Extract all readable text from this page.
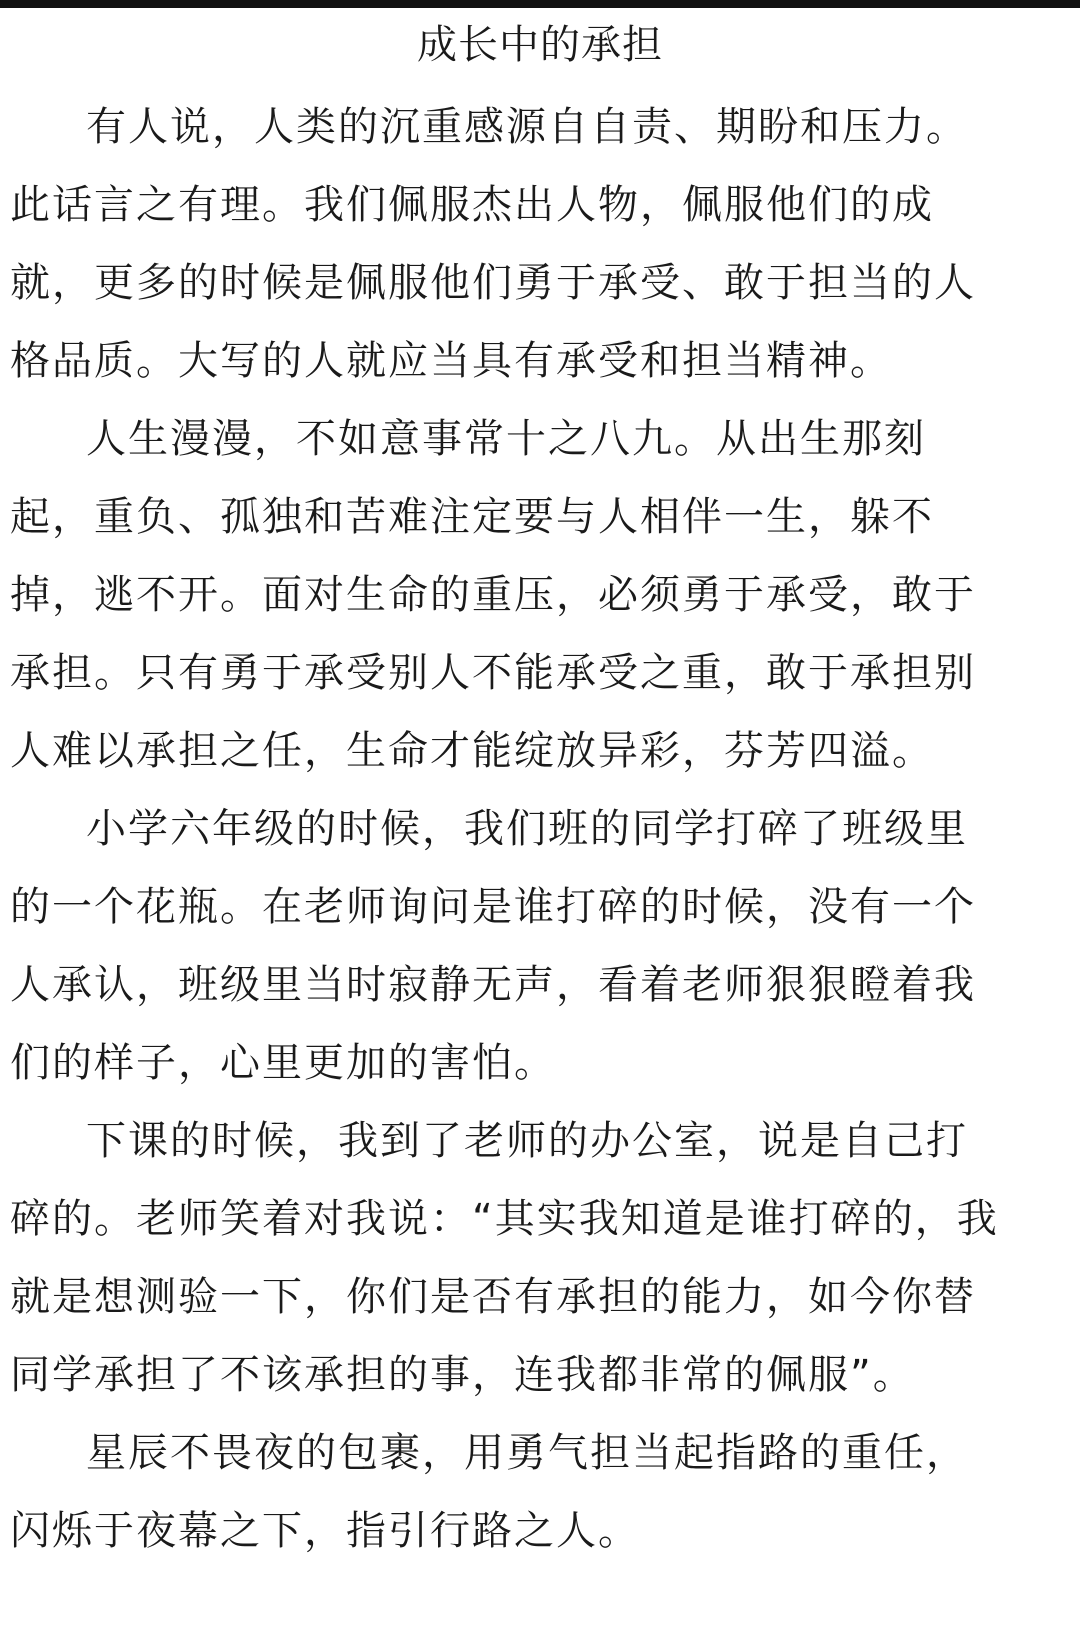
成长中的承担
有人说，人类的沉重感源自自责、期盼和压力。
此话言之有理。我们佩服杰出人物，佩服他们的成
就，更多的时候是佩服他们勇于承受、敢于担当的人
格品质。大写的人就应当具有承受和担当精神。
人生漫漫，不如意事常十之八九。从出生那刻
起，重负、孤独和苦难注定要与人相伴一生，躲不
掉，逃不开。面对生命的重压，必须勇于承受，敢于
承担。只有勇于承受别人不能承受之重，敢于承担别
人难以承担之任，生命才能绽放异彩，芬芳四溢。
小学六年级的时候，我们班的同学打碎了班级里
的一个花瓶。在老师询问是谁打碎的时候，没有一个
人承认，班级里当时寂静无声，看着老师狠狠瞪着我
们的样子，心里更加的害怕。
下课的时候，我到了老师的办公室，说是自己打
碎的。老师笑着对我说：“其实我知道是谁打碎的，我
就是想测验一下，你们是否有承担的能力，如今你替
同学承担了不该承担的事，连我都非常的佩服”。
星辰不畏夜的包裹，用勇气担当起指路的重任，
闪烁于夜幕之下，指引行路之人。
